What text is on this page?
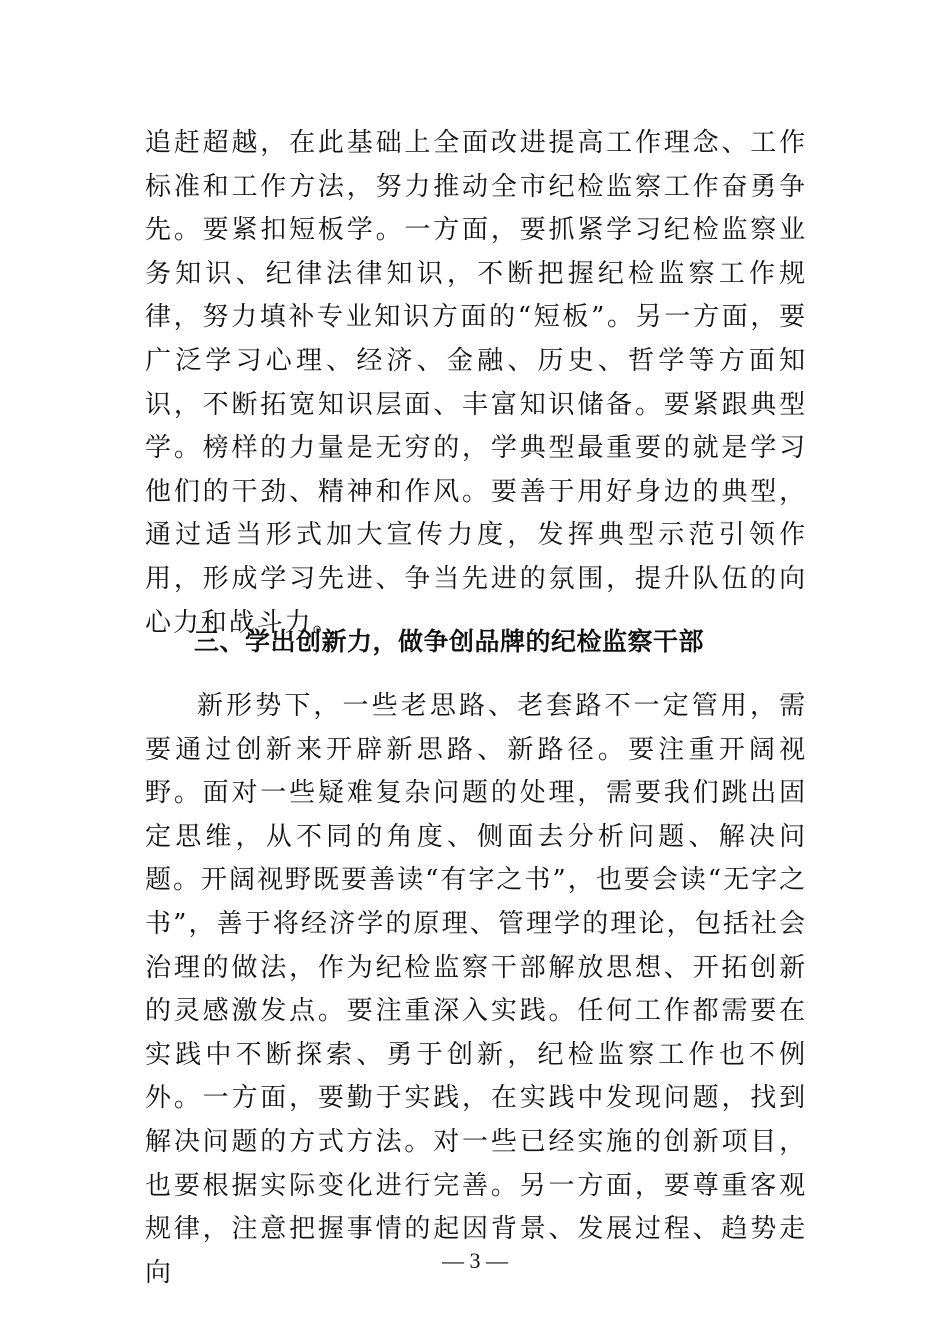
追赶超越，在此基础上全面改进提高工作理念、工作标准和工作方法，努力推动全市纪检监察工作奋勇争先。要紧扣短板学。一方面，要抓紧学习纪检监察业务知识、纪律法律知识，不断把握纪检监察工作规律，努力填补专业知识方面的“短板”。另一方面，要广泛学习心理、经济、金融、历史、哲学等方面知识，不断拓宽知识层面、丰富知识储备。要紧跟典型学。榜样的力量是无穷的，学典型最重要的就是学习他们的干劲、精神和作风。要善于用好身边的典型，通过适当形式加大宣传力度，发挥典型示范引领作用，形成学习先进、争当先进的氛围，提升队伍的向心力和战斗力。

三、学出创新力，做争创品牌的纪检监察干部

新形势下，一些老思路、老套路不一定管用，需要通过创新来开辟新思路、新路径。要注重开阔视野。面对一些疑难复杂问题的处理，需要我们跳出固定思维，从不同的角度、侧面去分析问题、解决问题。开阔视野既要善读“有字之书”，也要会读“无字之书”，善于将经济学的原理、管理学的理论，包括社会治理的做法，作为纪检监察干部解放思想、开拓创新的灵感激发点。要注重深入实践。任何工作都需要在实践中不断探索、勇于创新，纪检监察工作也不例外。一方面，要勤于实践，在实践中发现问题，找到解决问题的方式方法。对一些已经实施的创新项目，也要根据实际变化进行完善。另一方面，要尊重客观规律，注意把握事情的起因背景、发展过程、趋势走向	— 3 —
